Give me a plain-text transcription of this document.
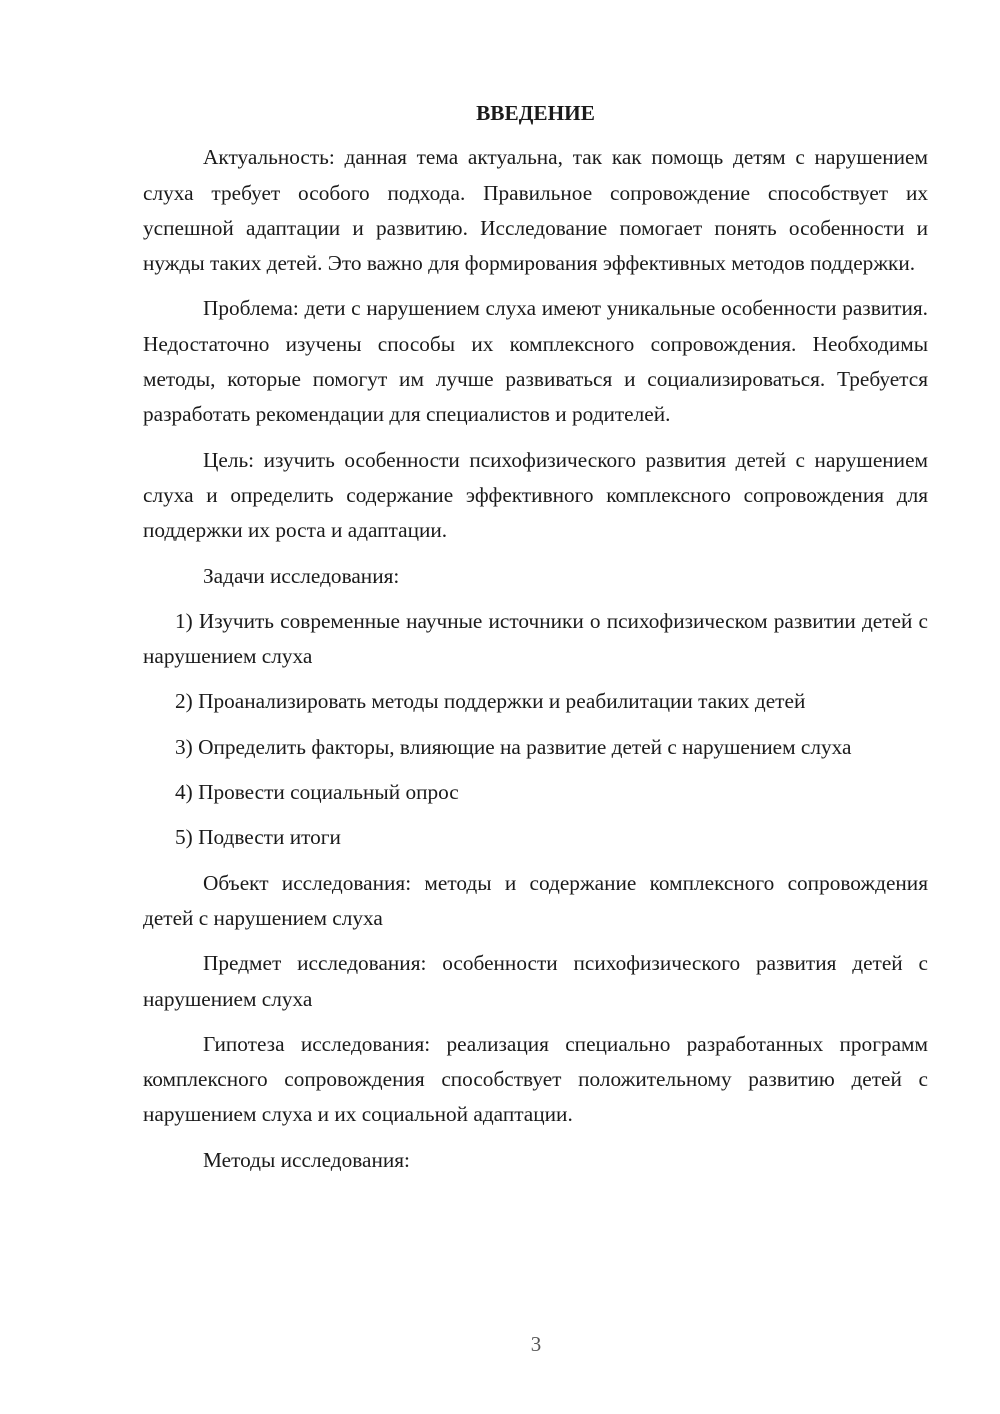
ВВЕДЕНИЕ

Актуальность: данная тема актуальна, так как помощь детям с нарушением слуха требует особого подхода. Правильное сопровождение способствует их успешной адаптации и развитию. Исследование помогает понять особенности и нужды таких детей. Это важно для формирования эффективных методов поддержки.

Проблема: дети с нарушением слуха имеют уникальные особенности развития. Недостаточно изучены способы их комплексного сопровождения. Необходимы методы, которые помогут им лучше развиваться и социализироваться. Требуется разработать рекомендации для специалистов и родителей.

Цель: изучить особенности психофизического развития детей с нарушением слуха и определить содержание эффективного комплексного сопровождения для поддержки их роста и адаптации.

Задачи исследования:

1) Изучить современные научные источники о психофизическом развитии детей с нарушением слуха

2) Проанализировать методы поддержки и реабилитации таких детей

3) Определить факторы, влияющие на развитие детей с нарушением слуха

4) Провести социальный опрос

5) Подвести итоги

Объект исследования: методы и содержание комплексного сопровождения детей с нарушением слуха

Предмет исследования: особенности психофизического развития детей с нарушением слуха

Гипотеза исследования: реализация специально разработанных программ комплексного сопровождения способствует положительному развитию детей с нарушением слуха и их социальной адаптации.

Методы исследования:

3
